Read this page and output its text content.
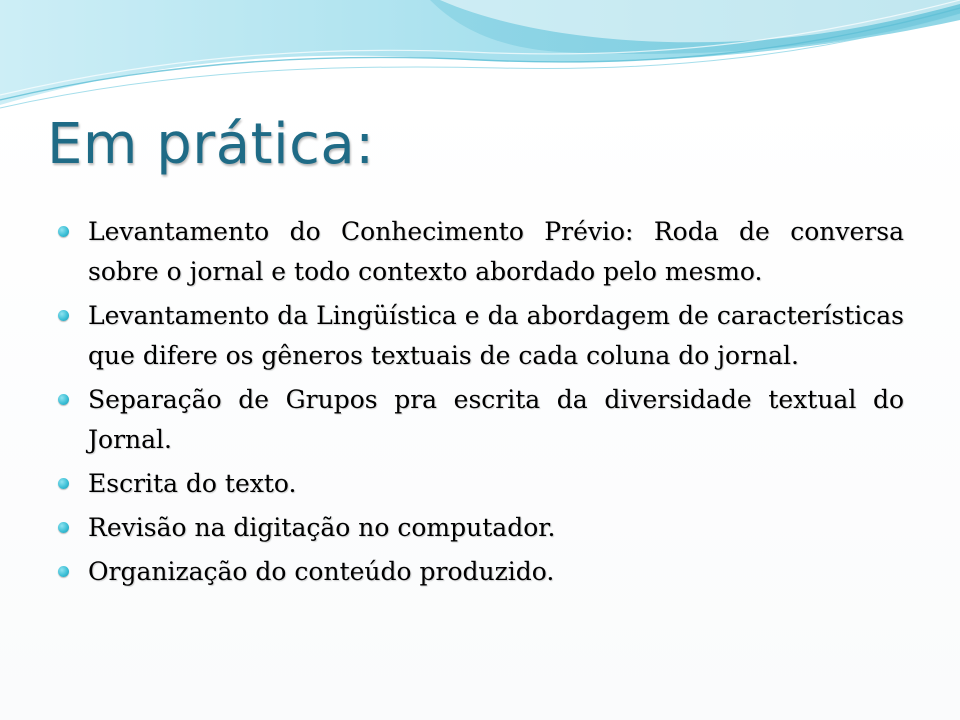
Em prática:
Levantamento do Conhecimento Prévio: Roda de conversa sobre o jornal e todo contexto abordado pelo mesmo.
Levantamento da Lingüística e da abordagem de características que difere os gêneros textuais de cada coluna do jornal.
Separação de Grupos pra escrita da diversidade textual do Jornal.
Escrita do texto.
Revisão na digitação no computador.
Organização do conteúdo produzido.
